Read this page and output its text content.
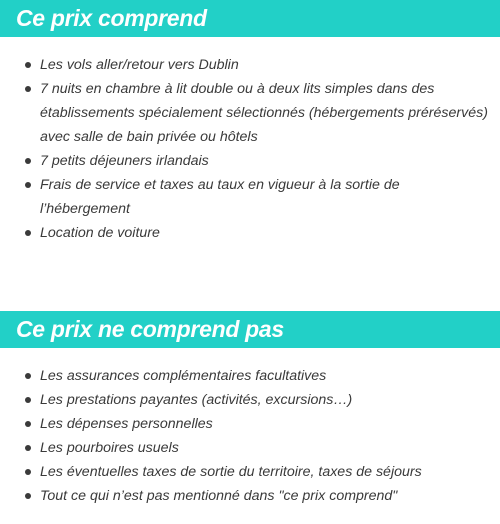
Ce prix comprend
Les vols aller/retour vers Dublin
7 nuits en chambre à lit double ou à deux lits simples dans des établissements spécialement sélectionnés (hébergements préréservés) avec salle de bain privée ou hôtels
7 petits déjeuners irlandais
Frais de service et taxes au taux en vigueur à la sortie de l’hébergement
Location de voiture
Ce prix ne comprend pas
Les assurances complémentaires facultatives
Les prestations payantes (activités, excursions…)
Les dépenses personnelles
Les pourboires usuels
Les éventuelles taxes de sortie du territoire, taxes de séjours
Tout ce qui n’est pas mentionné dans "ce prix comprend"
